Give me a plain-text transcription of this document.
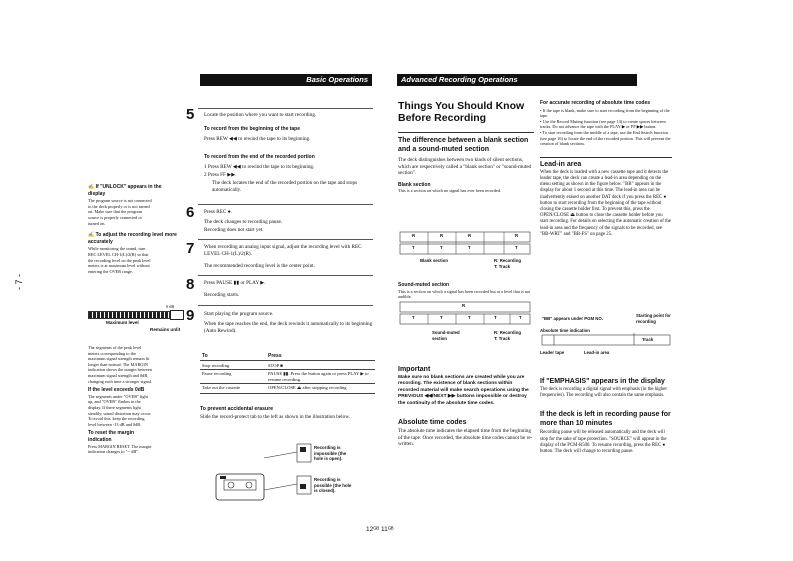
- 7 -
Basic Operations	Advanced Recording Operations
✍ If "UNLOCK" appears in the display
The program source is not connected to the deck properly or is not turned on. Make sure that the program source is properly connected or turned on.
✍ To adjust the recording level more accurately
While monitoring the sound, turn REC LEVEL CH-1(L)/2(R) so that the recording level on the peak level meters is at maximum level without entering the OVER range.
0 dB
Maximum level
Remains unlit
The segments of the peak level meters corresponding to the maximum signal strength remain lit longer than normal. The MARGIN indication shows the margin between maximum signal strength and 0dB, changing each time a stronger signal.
If the level exceeds 0dB
The segments under "OVER" light up, and "OVER" flashes in the display. If there segments light steadily, sound distortion may occur. To avoid this, keep the recording level between -13 dB and 0dB.
To reset the margin indication
Press MARGIN RESET. The margin indication changes to "-- dB".
5 Locate the position where you want to start recording.
To record from the beginning of the tape
Press REW ◀◀ to rewind the tape to its beginning.
To record from the end of the recorded portion
1 Press REW ◀◀ to rewind the tape to its beginning.
2 Press FF ▶▶.
The deck locates the end of the recorded portion on the tape and stops automatically.
6 Press REC ●.
The deck changes to recording pause.
Recording does not start yet.
7 When recording an analog input signal, adjust the recording level with REC LEVEL CH-1(L)/2(R).
The recommended recording level is the center point.
8 Press PAUSE ▮▮ or PLAY ▶.
Recording starts.
9 Start playing the program source.
When the tape reaches the end, the deck rewinds it automatically to its beginning (Auto Rewind).
To	Press
Stop recording	STOP ■
Pause recording	PAUSE ▮▮. Press the button again or press PLAY ▶ to resume recording.
Take out the cassette	OPEN/CLOSE ⏏ after stopping recording
To prevent accidental erasure
Slide the record-protect tab to the left as shown in the illustration below.
Recording is impossible (the hole is open).
Recording is possible (the hole is closed).
Things You Should Know Before Recording
The difference between a blank section and a sound-muted section
The deck distinguishes between two kinds of silent sections, which are respectively called a "blank section" or "sound-muted section".
Blank section
This is a section on which no signal has ever been recorded.
R	R	R	R
T	T	T	T
Blank section	R: Recording
T: Track
Sound-muted section
This is a section on which a signal has been recorded but at a level that is not audible.
R
T	T	T	T	T
Sound-muted section
R: Recording
T: Track
Important
Make sure no blank sections are created while you are recording. The existence of blank sections within recorded material will make search operations using the PREVIOUS ◀◀/NEXT ▶▶ buttons impossible or destroy the continuity of the absolute time codes.
Absolute time codes
The absolute time indicates the elapsed time from the beginning of the tape. Once recorded, the absolute time codes cannot be re-written.
For accurate recording of absolute time codes
• If the tape is blank, make sure to start recording from the beginning of the tape.
• Use the Record Muting function (see page 14) to create spaces between tracks. Do not advance the tape with the PLAY ▶ or FF ▶▶ button.
• To start recording from the middle of a tape, use the End Search function (see page 16) to locate the end of the recorded portion. This will prevent the creation of blank sections.
Lead-in area
When the deck is loaded with a new cassette tape and it detects the leader tape, the deck can create a lead-in area depending on the menu setting as shown in the figure below. "BB" appears in the display for about 1 second at this time. The lead-in area can be inadvertently erased on another DAT deck if you press the REC ● button to start recording from the beginning of the tape without closing the cassette holder first. To prevent this, press the OPEN/CLOSE ⏏ button to close the cassette holder before you start recording. For details on selecting the automatic creation of the lead-in area and the frequency of the signals to be recorded, see "BB-WRT" and "BB-FS" on page 25.
"BB" appears under PGM NO.
Starting point for recording
Absolute time indication
Track
Leader tape	Lead-in area
If "EMPHASIS" appears in the display
The deck is recording a digital signal with emphasis (in the higher frequencies). The recording will also contain the same emphasis.
If the deck is left in recording pause for more than 10 minutes
Recording pause will be released automatically and the deck will stop for the sake of tape protection. "SOURCE" will appear in the display of the PCM-R500. To resume recording, press the REC ● button. The deck will change to recording pause.
12ᴳᴮ 11ᴳᴮ
